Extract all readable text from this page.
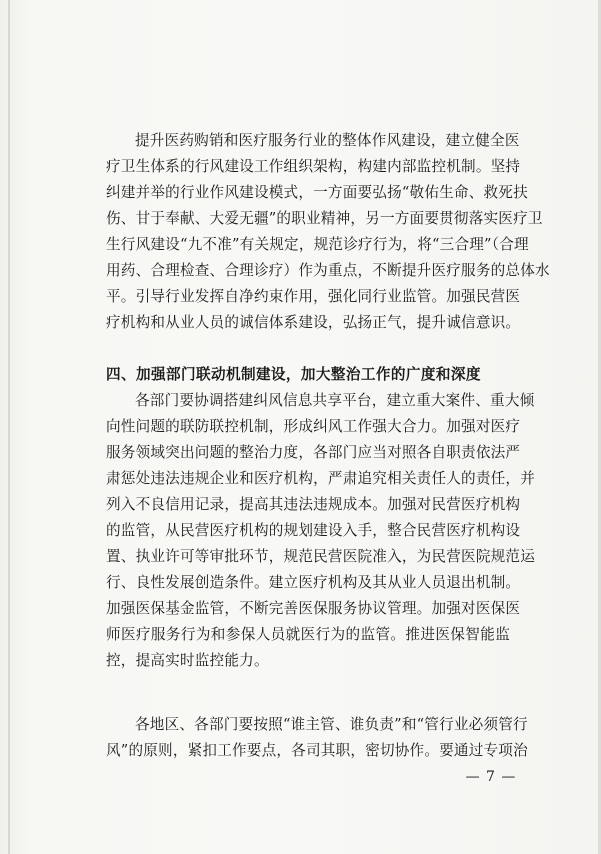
提升医药购销和医疗服务行业的整体作风建设，建立健全医
疗卫生体系的行风建设工作组织架构，构建内部监控机制。坚持
纠建并举的行业作风建设模式，一方面要弘扬“敬佑生命、救死扶
伤、甘于奉献、大爱无疆”的职业精神，另一方面要贯彻落实医疗卫
生行风建设“九不准”有关规定，规范诊疗行为，将“三合理”（合理
用药、合理检查、合理诊疗）作为重点，不断提升医疗服务的总体水
平。引导行业发挥自净约束作用，强化同行业监管。加强民营医
疗机构和从业人员的诚信体系建设，弘扬正气，提升诚信意识。
四、加强部门联动机制建设，加大整治工作的广度和深度
各部门要协调搭建纠风信息共享平台，建立重大案件、重大倾
向性问题的联防联控机制，形成纠风工作强大合力。加强对医疗
服务领域突出问题的整治力度，各部门应当对照各自职责依法严
肃惩处违法违规企业和医疗机构，严肃追究相关责任人的责任，并
列入不良信用记录，提高其违法违规成本。加强对民营医疗机构
的监管，从民营医疗机构的规划建设入手，整合民营医疗机构设
置、执业许可等审批环节，规范民营医院准入，为民营医院规范运
行、良性发展创造条件。建立医疗机构及其从业人员退出机制。
加强医保基金监管，不断完善医保服务协议管理。加强对医保医
师医疗服务行为和参保人员就医行为的监管。推进医保智能监
控，提高实时监控能力。
各地区、各部门要按照“谁主管、谁负责”和“管行业必须管行
风”的原则，紧扣工作要点，各司其职，密切协作。要通过专项治
— 7 —
